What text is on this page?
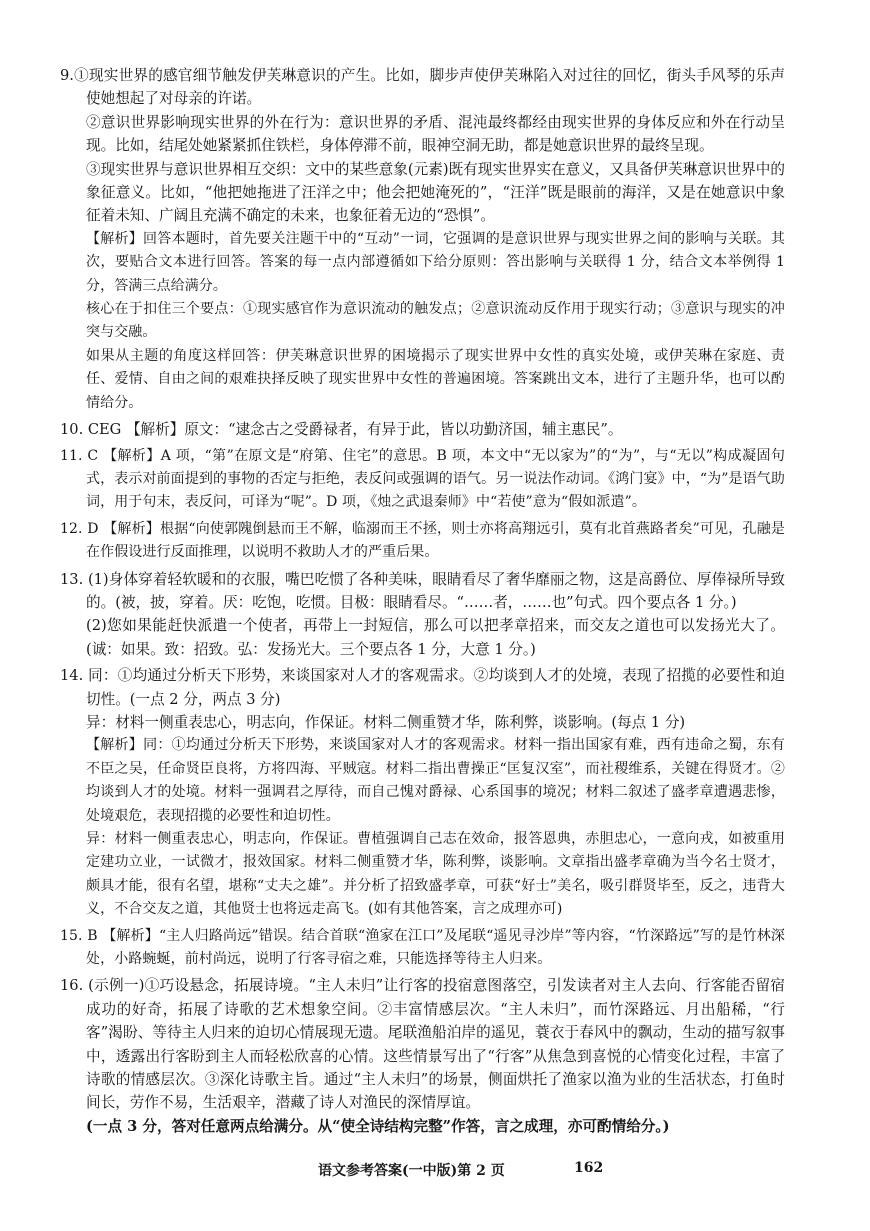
9.①现实世界的感官细节触发伊芙琳意识的产生。比如，脚步声使伊芙琳陷入对过往的回忆，街头手风琴的乐声使她想起了对母亲的许诺。

②意识世界影响现实世界的外在行为：意识世界的矛盾、混沌最终都经由现实世界的身体反应和外在行动呈现。比如，结尾处她紧紧抓住铁栏，身体停滞不前，眼神空洞无助，都是她意识世界的最终呈现。

③现实世界与意识世界相互交织：文中的某些意象(元素)既有现实世界实在意义，又具备伊芙琳意识世界中的象征意义。比如，“他把她拖进了汪洋之中；他会把她淹死的”，“汪洋”既是眼前的海洋，又是在她意识中象征着未知、广阔且充满不确定的未来，也象征着无边的“恐惧”。

【解析】回答本题时，首先要关注题干中的“互动”一词，它强调的是意识世界与现实世界之间的影响与关联。其次，要贴合文本进行回答。答案的每一点内部遵循如下给分原则：答出影响与关联得 1 分，结合文本举例得 1 分，答满三点给满分。

核心在于扣住三个要点：①现实感官作为意识流动的触发点；②意识流动反作用于现实行动；③意识与现实的冲突与交融。

如果从主题的角度这样回答：伊芙琳意识世界的困境揭示了现实世界中女性的真实处境，或伊芙琳在家庭、责任、爱情、自由之间的艰难抉择反映了现实世界中女性的普遍困境。答案跳出文本，进行了主题升华，也可以酌情给分。

10. CEG 【解析】原文：“逮念古之受爵禄者，有异于此，皆以功勤济国，辅主惠民”。

11. C 【解析】A 项，“第”在原文是“府第、住宅”的意思。B 项，本文中“无以家为”的“为”，与“无以”构成凝固句式，表示对前面提到的事物的否定与拒绝，表反问或强调的语气。另一说法作动词。《鸿门宴》中，“为”是语气助词，用于句末，表反问，可译为“呢”。D 项，《烛之武退秦师》中“若使”意为“假如派遣”。

12. D 【解析】根据“向使郭隗倒悬而王不解，临溺而王不拯，则士亦将高翔远引，莫有北首燕路者矣”可见，孔融是在作假设进行反面推理，以说明不救助人才的严重后果。

13. (1)身体穿着轻软暖和的衣服，嘴巴吃惯了各种美味，眼睛看尽了奢华靡丽之物，这是高爵位、厚俸禄所导致的。(被，披，穿着。厌：吃饱，吃惯。目极：眼睛看尽。“……者，……也”句式。四个要点各 1 分。)

(2)您如果能赶快派遣一个使者，再带上一封短信，那么可以把孝章招来，而交友之道也可以发扬光大了。(诚：如果。致：招致。弘：发扬光大。三个要点各 1 分，大意 1 分。)

14. 同：①均通过分析天下形势，来谈国家对人才的客观需求。②均谈到人才的处境，表现了招揽的必要性和迫切性。(一点 2 分，两点 3 分)

异：材料一侧重表忠心，明志向，作保证。材料二侧重赞才华，陈利弊，谈影响。(每点 1 分)

【解析】同：①均通过分析天下形势，来谈国家对人才的客观需求。材料一指出国家有难，西有违命之蜀，东有不臣之吴，任命贤臣良将，方将四海、平贼寇。材料二指出曹操正“匡复汉室”，而社稷维系，关键在得贤才。②均谈到人才的处境。材料一强调君之厚待，而自己愧对爵禄、心系国事的境况；材料二叙述了盛孝章遭遇悲惨，处境艰危，表现招揽的必要性和迫切性。

异：材料一侧重表忠心，明志向，作保证。曹植强调自己志在效命，报答恩典，赤胆忠心，一意向戎，如被重用定建功立业，一试微才，报效国家。材料二侧重赞才华，陈利弊，谈影响。文章指出盛孝章确为当今名士贤才，颇具才能，很有名望，堪称“丈夫之雄”。并分析了招致盛孝章，可获“好士”美名，吸引群贤毕至，反之，违背大义，不合交友之道，其他贤士也将远走高飞。(如有其他答案，言之成理亦可)

15. B 【解析】“主人归路尚远”错误。结合首联“渔家在江口”及尾联“遥见寻沙岸”等内容，“竹深路远”写的是竹林深处，小路蜿蜒，前村尚远，说明了行客寻宿之难，只能选择等待主人归来。

16. (示例一)①巧设悬念，拓展诗境。“主人未归”让行客的投宿意图落空，引发读者对主人去向、行客能否留宿成功的好奇，拓展了诗歌的艺术想象空间。②丰富情感层次。“主人未归”，而竹深路远、月出船稀，“行客”渴盼、等待主人归来的迫切心情展现无遗。尾联渔船泊岸的遥见，蓑衣于春风中的飘动，生动的描写叙事中，透露出行客盼到主人而轻松欣喜的心情。这些情景写出了“行客”从焦急到喜悦的心情变化过程，丰富了诗歌的情感层次。③深化诗歌主旨。通过“主人未归”的场景，侧面烘托了渔家以渔为业的生活状态，打鱼时间长，劳作不易，生活艰辛，潜藏了诗人对渔民的深情厚谊。

(一点 3 分，答对任意两点给满分。从“使全诗结构完整”作答，言之成理，亦可酌情给分。)

语文参考答案(一中版)第 2 页	162
